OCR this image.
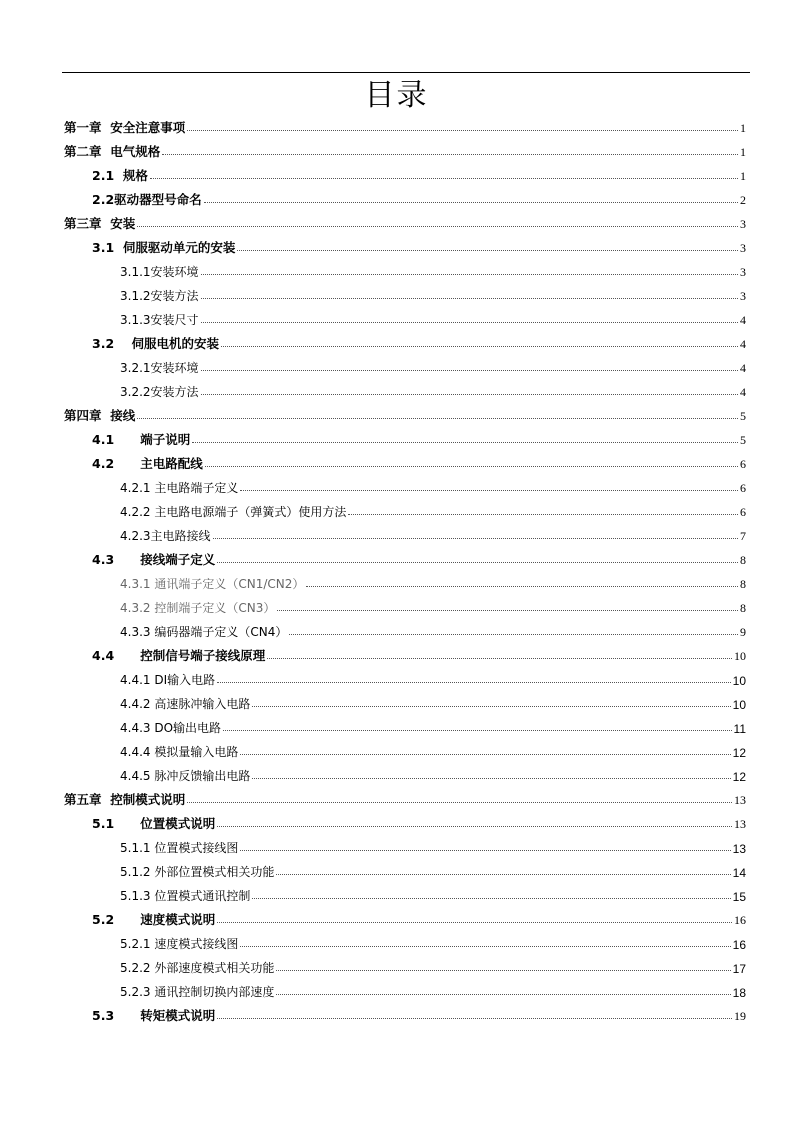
目录
第一章  安全注意事项	1
第二章  电气规格	1
2.1  规格	1
2.2驱动器型号命名	2
第三章  安装	3
3.1  伺服驱动单元的安装	3
3.1.1安装环境	3
3.1.2安装方法	3
3.1.3安装尺寸	4
3.2    伺服电机的安装	4
3.2.1安装环境	4
3.2.2安装方法	4
第四章  接线	5
4.1      端子说明	5
4.2      主电路配线	6
4.2.1 主电路端子定义	6
4.2.2 主电路电源端子（弹簧式）使用方法	6
4.2.3主电路接线	7
4.3      接线端子定义	8
4.3.1 通讯端子定义（CN1/CN2）	8
4.3.2 控制端子定义（CN3）	8
4.3.3 编码器端子定义（CN4）	9
4.4      控制信号端子接线原理	10
4.4.1 DI输入电路	10
4.4.2 高速脉冲输入电路	10
4.4.3 DO输出电路	11
4.4.4 模拟量输入电路	12
4.4.5 脉冲反馈输出电路	12
第五章  控制模式说明	13
5.1      位置模式说明	13
5.1.1 位置模式接线图	13
5.1.2 外部位置模式相关功能	14
5.1.3 位置模式通讯控制	15
5.2      速度模式说明	16
5.2.1 速度模式接线图	16
5.2.2 外部速度模式相关功能	17
5.2.3 通讯控制切换内部速度	18
5.3      转矩模式说明	19
